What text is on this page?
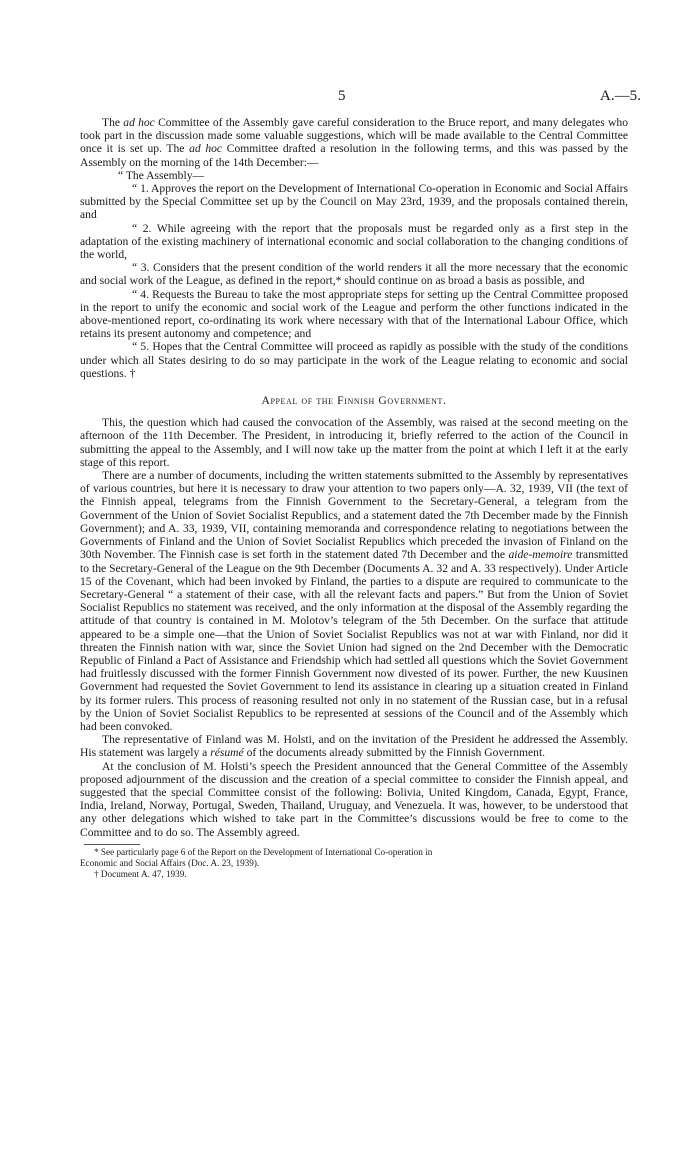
5	A.—5.

The ad hoc Committee of the Assembly gave careful consideration to the Bruce report, and many delegates who took part in the discussion made some valuable suggestions, which will be made available to the Central Committee once it is set up. The ad hoc Committee drafted a resolution in the following terms, and this was passed by the Assembly on the morning of the 14th December:—

“ The Assembly—

“ 1. Approves the report on the Development of International Co-operation in Economic and Social Affairs submitted by the Special Committee set up by the Council on May 23rd, 1939, and the proposals contained therein, and

“ 2. While agreeing with the report that the proposals must be regarded only as a first step in the adaptation of the existing machinery of international economic and social collaboration to the changing conditions of the world,

“ 3. Considers that the present condition of the world renders it all the more necessary that the economic and social work of the League, as defined in the report,* should continue on as broad a basis as possible, and

“ 4. Requests the Bureau to take the most appropriate steps for setting up the Central Committee proposed in the report to unify the economic and social work of the League and perform the other functions indicated in the above-mentioned report, co-ordinating its work where necessary with that of the International Labour Office, which retains its present autonomy and competence; and

“ 5. Hopes that the Central Committee will proceed as rapidly as possible with the study of the conditions under which all States desiring to do so may participate in the work of the League relating to economic and social questions. †

Appeal of the Finnish Government.

This, the question which had caused the convocation of the Assembly, was raised at the second meeting on the afternoon of the 11th December. The President, in introducing it, briefly referred to the action of the Council in submitting the appeal to the Assembly, and I will now take up the matter from the point at which I left it at the early stage of this report.

There are a number of documents, including the written statements submitted to the Assembly by representatives of various countries, but here it is necessary to draw your attention to two papers only—A. 32, 1939, VII (the text of the Finnish appeal, telegrams from the Finnish Government to the Secretary-General, a telegram from the Government of the Union of Soviet Socialist Republics, and a statement dated the 7th December made by the Finnish Government); and A. 33, 1939, VII, containing memoranda and correspondence relating to negotiations between the Governments of Finland and the Union of Soviet Socialist Republics which preceded the invasion of Finland on the 30th November. The Finnish case is set forth in the statement dated 7th December and the aide-memoire transmitted to the Secretary-General of the League on the 9th December (Documents A. 32 and A. 33 respectively). Under Article 15 of the Covenant, which had been invoked by Finland, the parties to a dispute are required to communicate to the Secretary-General “ a statement of their case, with all the relevant facts and papers.” But from the Union of Soviet Socialist Republics no statement was received, and the only information at the disposal of the Assembly regarding the attitude of that country is contained in M. Molotov’s telegram of the 5th December. On the surface that attitude appeared to be a simple one—that the Union of Soviet Socialist Republics was not at war with Finland, nor did it threaten the Finnish nation with war, since the Soviet Union had signed on the 2nd December with the Democratic Republic of Finland a Pact of Assistance and Friendship which had settled all questions which the Soviet Government had fruitlessly discussed with the former Finnish Government now divested of its power. Further, the new Kuusinen Government had requested the Soviet Government to lend its assistance in clearing up a situation created in Finland by its former rulers. This process of reasoning resulted not only in no statement of the Russian case, but in a refusal by the Union of Soviet Socialist Republics to be represented at sessions of the Council and of the Assembly which had been convoked.

The representative of Finland was M. Holsti, and on the invitation of the President he addressed the Assembly. His statement was largely a résumé of the documents already submitted by the Finnish Government.

At the conclusion of M. Holsti’s speech the President announced that the General Committee of the Assembly proposed adjournment of the discussion and the creation of a special committee to consider the Finnish appeal, and suggested that the special Committee consist of the following: Bolivia, United Kingdom, Canada, Egypt, France, India, Ireland, Norway, Portugal, Sweden, Thailand, Uruguay, and Venezuela. It was, however, to be understood that any other delegations which wished to take part in the Committee’s discussions would be free to come to the Committee and to do so. The Assembly agreed.

* See particularly page 6 of the Report on the Development of International Co-operation in

Economic and Social Affairs (Doc. A. 23, 1939).

† Document A. 47, 1939.
